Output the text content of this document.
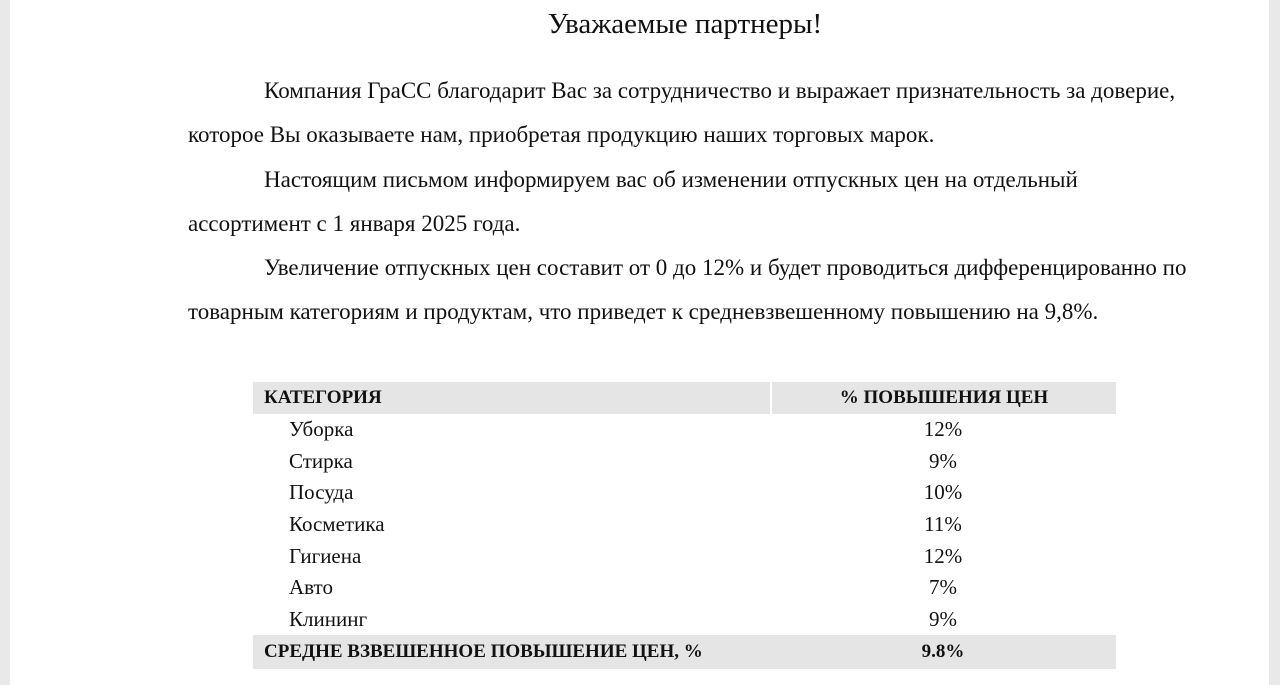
Уважаемые партнеры!

Компания ГраСС благодарит Вас за сотрудничество и выражает признательность за доверие, которое Вы оказываете нам, приобретая продукцию наших торговых марок.

Настоящим письмом информируем вас об изменении отпускных цен на отдельный ассортимент с 1 января 2025 года.

Увеличение отпускных цен составит от 0 до 12% и будет проводиться дифференцированно по товарным категориям и продуктам, что приведет к средневзвешенному повышению на 9,8%.

КАТЕГОРИЯ	% ПОВЫШЕНИЯ ЦЕН
Уборка	12%
Стирка	9%
Посуда	10%
Косметика	11%
Гигиена	12%
Авто	7%
Клининг	9%
СРЕДНЕ ВЗВЕШЕННОЕ ПОВЫШЕНИЕ ЦЕН, %	9.8%
